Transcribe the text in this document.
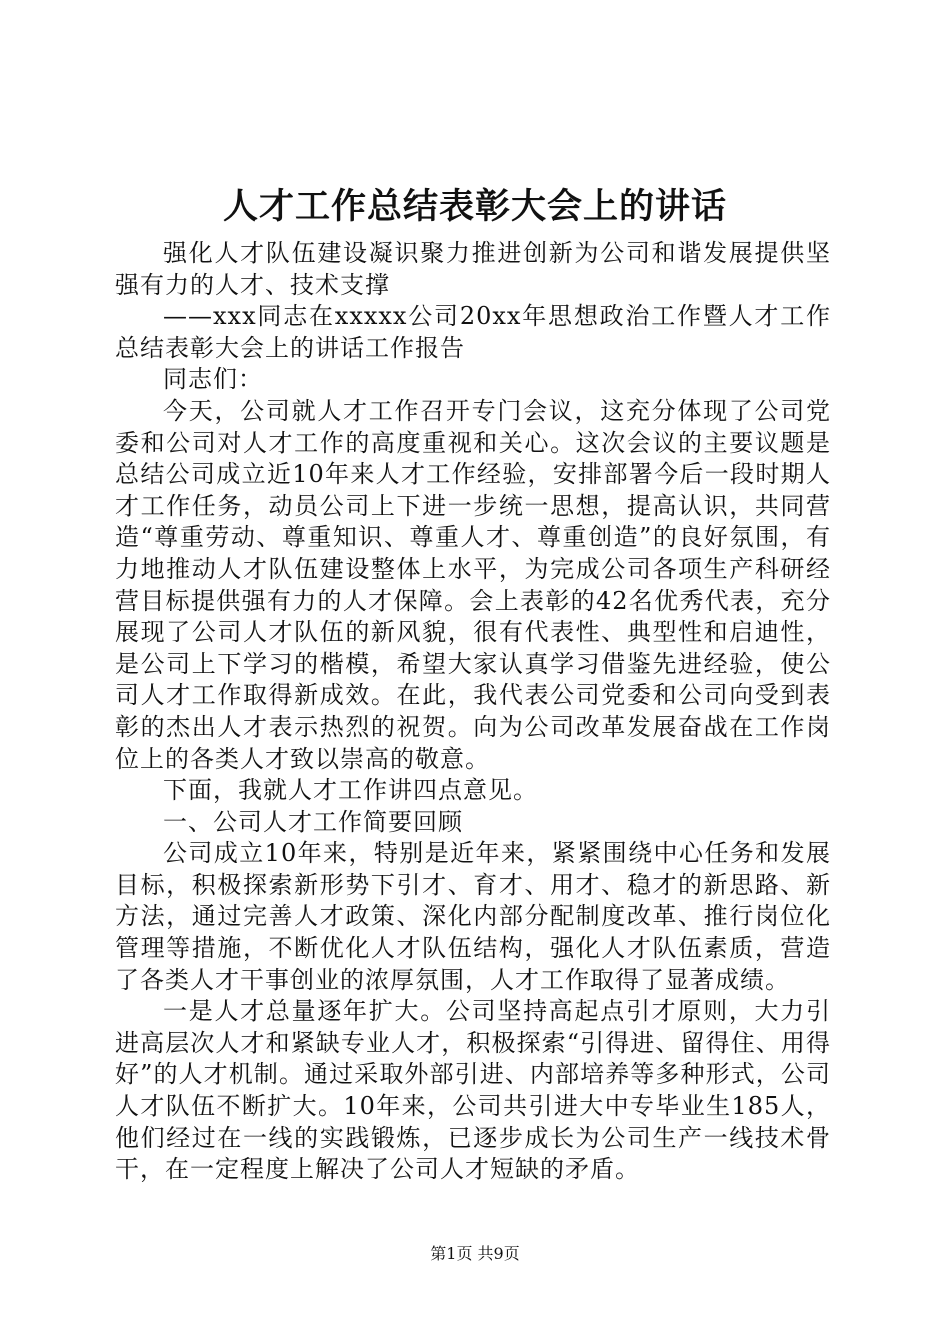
人才工作总结表彰大会上的讲话

强化人才队伍建设凝识聚力推进创新为公司和谐发展提供坚强有力的人才、技术支撑

——xxx同志在xxxxx公司20xx年思想政治工作暨人才工作总结表彰大会上的讲话工作报告

同志们：

今天，公司就人才工作召开专门会议，这充分体现了公司党委和公司对人才工作的高度重视和关心。这次会议的主要议题是总结公司成立近10年来人才工作经验，安排部署今后一段时期人才工作任务，动员公司上下进一步统一思想，提高认识，共同营造“尊重劳动、尊重知识、尊重人才、尊重创造”的良好氛围，有力地推动人才队伍建设整体上水平，为完成公司各项生产科研经营目标提供强有力的人才保障。会上表彰的42名优秀代表，充分展现了公司人才队伍的新风貌，很有代表性、典型性和启迪性，是公司上下学习的楷模，希望大家认真学习借鉴先进经验，使公司人才工作取得新成效。在此，我代表公司党委和公司向受到表彰的杰出人才表示热烈的祝贺。向为公司改革发展奋战在工作岗位上的各类人才致以崇高的敬意。

下面，我就人才工作讲四点意见。

一、公司人才工作简要回顾

公司成立10年来，特别是近年来，紧紧围绕中心任务和发展目标，积极探索新形势下引才、育才、用才、稳才的新思路、新方法，通过完善人才政策、深化内部分配制度改革、推行岗位化管理等措施，不断优化人才队伍结构，强化人才队伍素质，营造了各类人才干事创业的浓厚氛围，人才工作取得了显著成绩。

一是人才总量逐年扩大。公司坚持高起点引才原则，大力引进高层次人才和紧缺专业人才，积极探索“引得进、留得住、用得好”的人才机制。通过采取外部引进、内部培养等多种形式，公司人才队伍不断扩大。10年来，公司共引进大中专毕业生185人，他们经过在一线的实践锻炼，已逐步成长为公司生产一线技术骨干，在一定程度上解决了公司人才短缺的矛盾。

第1页 共9页
